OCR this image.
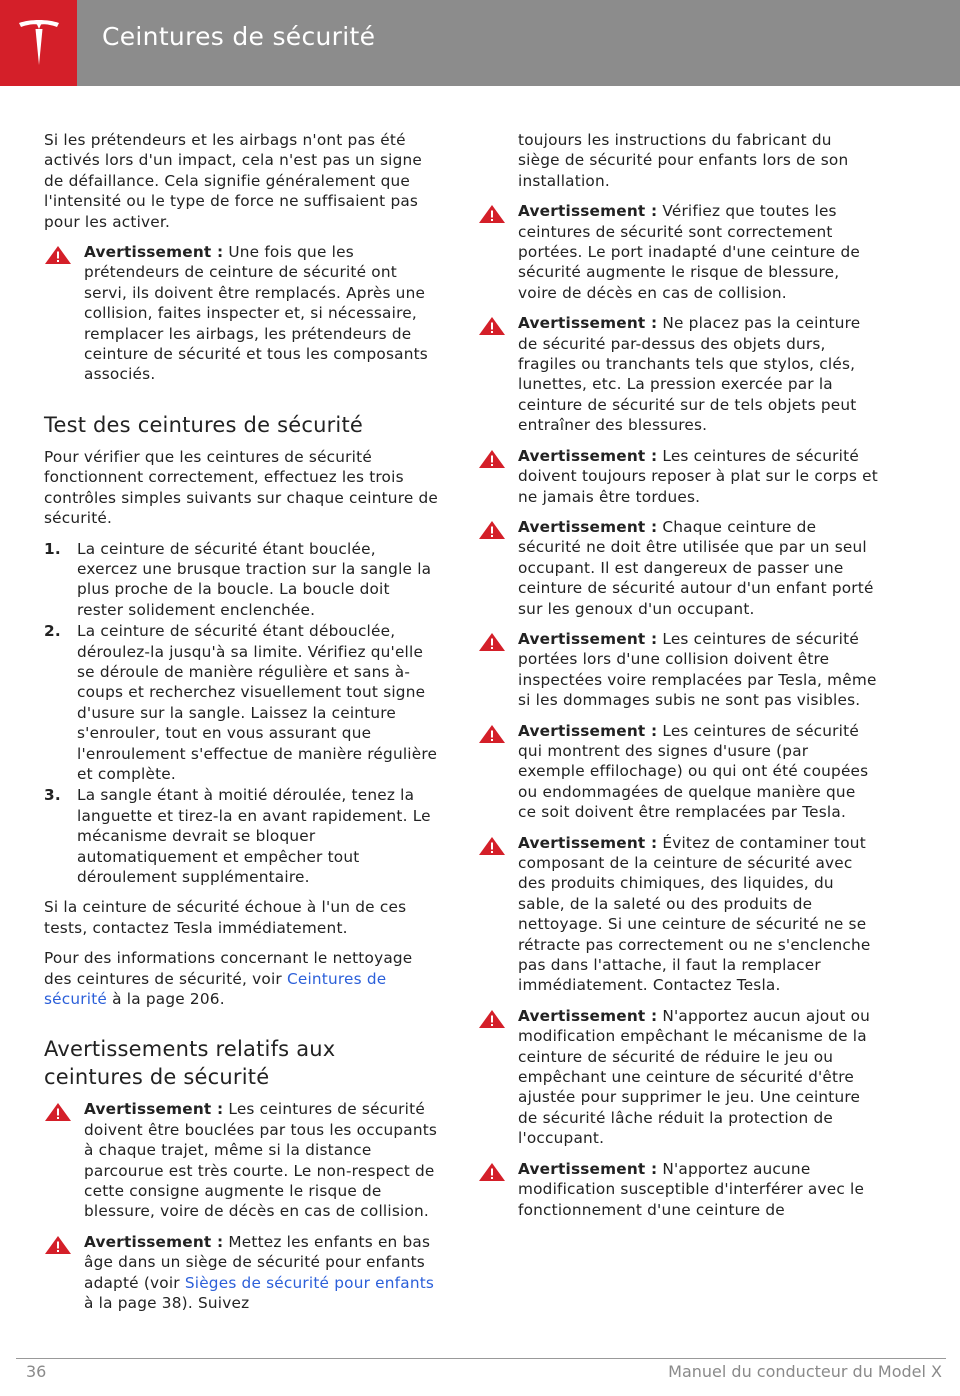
Ceintures de sécurité

Si les prétendeurs et les airbags n'ont pas été activés lors d'un impact, cela n'est pas un signe de défaillance. Cela signifie généralement que l'intensité ou le type de force ne suffisaient pas pour les activer.

Avertissement : Une fois que les prétendeurs de ceinture de sécurité ont servi, ils doivent être remplacés. Après une collision, faites inspecter et, si nécessaire, remplacer les airbags, les prétendeurs de ceinture de sécurité et tous les composants associés.
Test des ceintures de sécurité

Pour vérifier que les ceintures de sécurité fonctionnent correctement, effectuez les trois contrôles simples suivants sur chaque ceinture de sécurité.

1. La ceinture de sécurité étant bouclée, exercez une brusque traction sur la sangle la plus proche de la boucle. La boucle doit rester solidement enclenchée.
2. La ceinture de sécurité étant débouclée, déroulez-la jusqu'à sa limite. Vérifiez qu'elle se déroule de manière régulière et sans à-coups et recherchez visuellement tout signe d'usure sur la sangle. Laissez la ceinture s'enrouler, tout en vous assurant que l'enroulement s'effectue de manière régulière et complète.
3. La sangle étant à moitié déroulée, tenez la languette et tirez-la en avant rapidement. Le mécanisme devrait se bloquer automatiquement et empêcher tout déroulement supplémentaire.

Si la ceinture de sécurité échoue à l'un de ces tests, contactez Tesla immédiatement.

Pour des informations concernant le nettoyage des ceintures de sécurité, voir Ceintures de sécurité à la page 206.

Avertissements relatifs aux ceintures de sécurité
Avertissement : Les ceintures de sécurité doivent être bouclées par tous les occupants à chaque trajet, même si la distance parcourue est très courte. Le non-respect de cette consigne augmente le risque de blessure, voire de décès en cas de collision.
Avertissement : Mettez les enfants en bas âge dans un siège de sécurité pour enfants adapté (voir Sièges de sécurité pour enfants à la page 38). Suivez

toujours les instructions du fabricant du siège de sécurité pour enfants lors de son installation.

Avertissement : Vérifiez que toutes les ceintures de sécurité sont correctement portées. Le port inadapté d'une ceinture de sécurité augmente le risque de blessure, voire de décès en cas de collision.
Avertissement : Ne placez pas la ceinture de sécurité par-dessus des objets durs, fragiles ou tranchants tels que stylos, clés, lunettes, etc. La pression exercée par la ceinture de sécurité sur de tels objets peut entraîner des blessures.
Avertissement : Les ceintures de sécurité doivent toujours reposer à plat sur le corps et ne jamais être tordues.
Avertissement : Chaque ceinture de sécurité ne doit être utilisée que par un seul occupant. Il est dangereux de passer une ceinture de sécurité autour d'un enfant porté sur les genoux d'un occupant.
Avertissement : Les ceintures de sécurité portées lors d'une collision doivent être inspectées voire remplacées par Tesla, même si les dommages subis ne sont pas visibles.
Avertissement : Les ceintures de sécurité qui montrent des signes d'usure (par exemple effilochage) ou qui ont été coupées ou endommagées de quelque manière que ce soit doivent être remplacées par Tesla.
Avertissement : Évitez de contaminer tout composant de la ceinture de sécurité avec des produits chimiques, des liquides, du sable, de la saleté ou des produits de nettoyage. Si une ceinture de sécurité ne se rétracte pas correctement ou ne s'enclenche pas dans l'attache, il faut la remplacer immédiatement. Contactez Tesla.
Avertissement : N'apportez aucun ajout ou modification empêchant le mécanisme de la ceinture de sécurité de réduire le jeu ou empêchant une ceinture de sécurité d'être ajustée pour supprimer le jeu. Une ceinture de sécurité lâche réduit la protection de l'occupant.
Avertissement : N'apportez aucune modification susceptible d'interférer avec le fonctionnement d'une ceinture de
36	Manuel du conducteur du Model X
